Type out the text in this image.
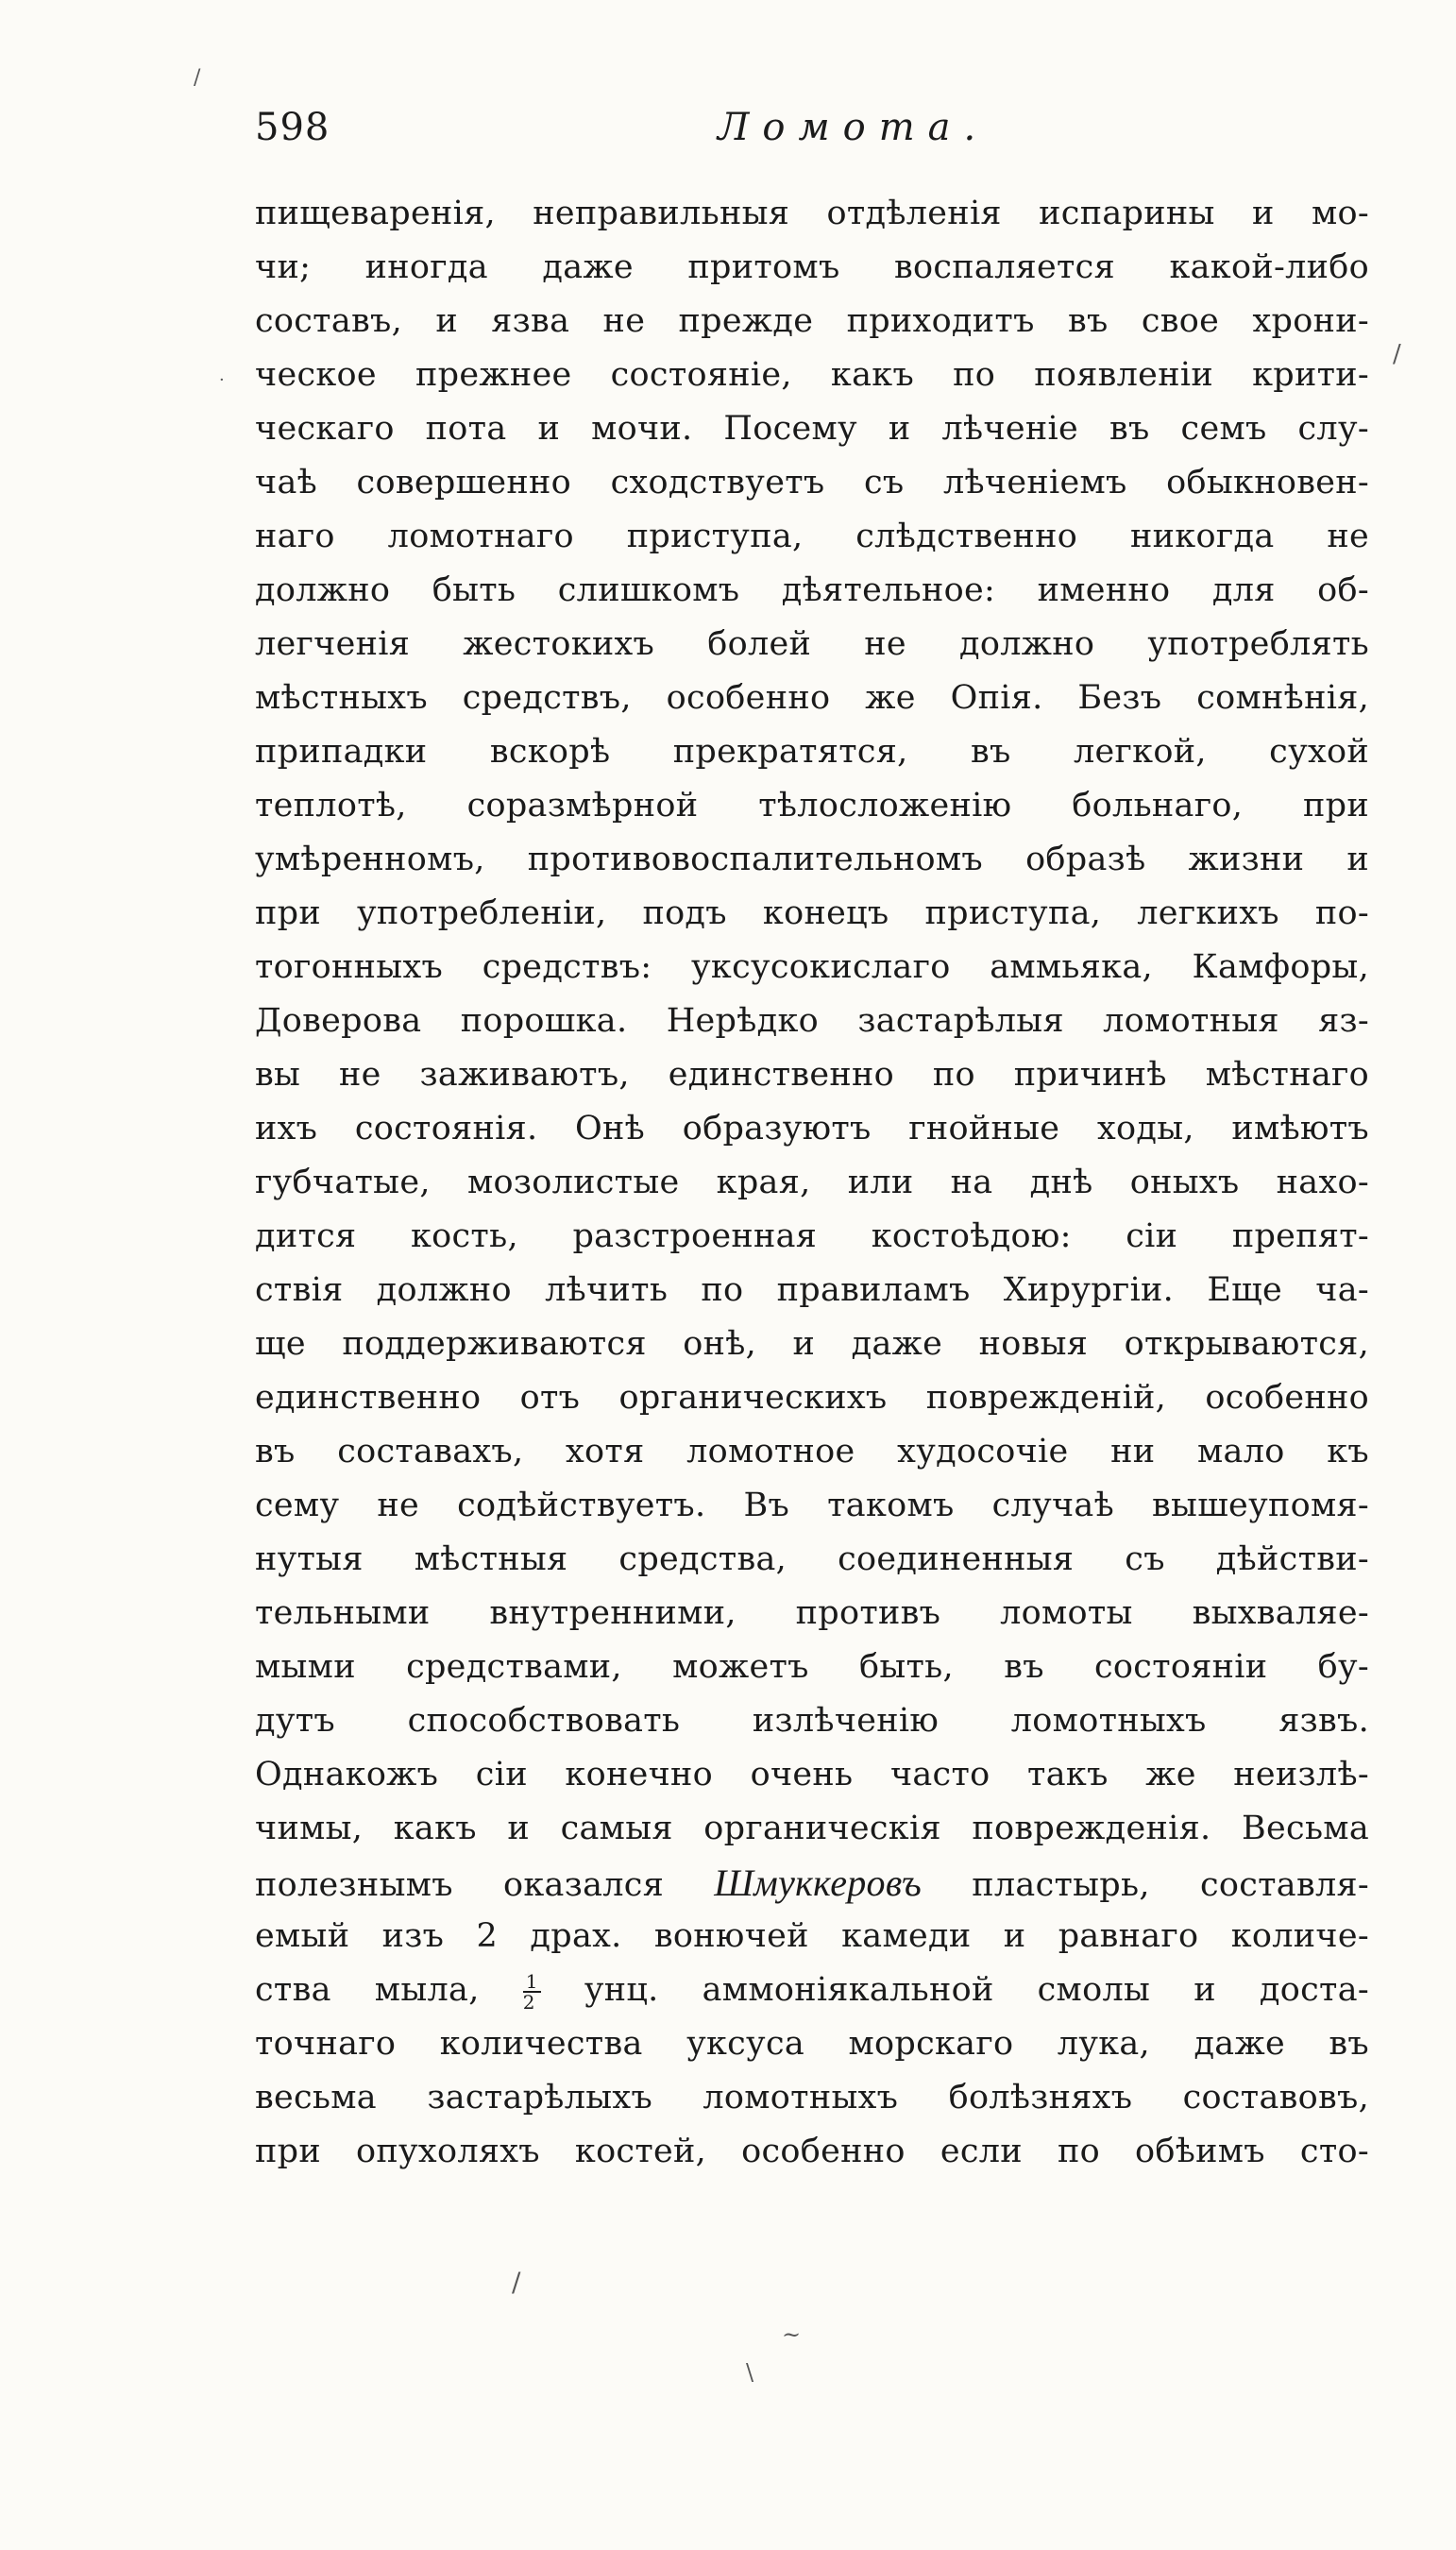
598	Ломота.
пищеваренія, неправильныя отдѣленія испарины и мо-
чи; иногда даже притомъ воспаляется какой-либо
составъ, и язва не прежде приходитъ въ свое хрони-
ческое прежнее состояніе, какъ по появленіи крити-
ческаго пота и мочи. Посему и лѣченіе въ семъ слу-
чаѣ совершенно сходствуетъ съ лѣченіемъ обыкновен-
наго ломотнаго приступа, слѣдственно никогда не
должно быть слишкомъ дѣятельное: именно для об-
легченія жестокихъ болей не должно употреблять
мѣстныхъ средствъ, особенно же Опія. Безъ сомнѣнія,
припадки вскорѣ прекратятся, въ легкой, сухой
теплотѣ, соразмѣрной тѣлосложенію больнаго, при
умѣренномъ, противовоспалительномъ образѣ жизни и
при употребленіи, подъ конецъ приступа, легкихъ по-
тогонныхъ средствъ: уксусокислаго аммьяка, Камфоры,
Доверова порошка. Нерѣдко застарѣлыя ломотныя яз-
вы не заживаютъ, единственно по причинѣ мѣстнаго
ихъ состоянія. Онѣ образуютъ гнойные ходы, имѣютъ
губчатые, мозолистые края, или на днѣ оныхъ нахо-
дится кость, разстроенная костоѣдою: сіи препят-
ствія должно лѣчить по правиламъ Хирургіи. Еще ча-
ще поддерживаются онѣ, и даже новыя открываются,
единственно отъ органическихъ поврежденій, особенно
въ составахъ, хотя ломотное худосочіе ни мало къ
сему не содѣйствуетъ. Въ такомъ случаѣ вышеупомя-
нутыя мѣстныя средства, соединенныя съ дѣйстви-
тельными внутренними, противъ ломоты выхваляе-
мыми средствами, можетъ быть, въ состояніи бу-
дутъ способствовать излѣченію ломотныхъ язвъ.
Однакожъ сіи конечно очень часто такъ же неизлѣ-
чимы, какъ и самыя органическія поврежденія. Весьма
полезнымъ оказался Шмуккеровъ пластырь, составля-
емый изъ 2 драх. вонючей камеди и равнаго количе-
ства мыла, $\frac{1}{2}$ унц. аммоніякальной смолы и доста-
точнаго количества уксуса морскаго лука, даже въ
весьма застарѣлыхъ ломотныхъ болѣзняхъ составовъ,
при опухоляхъ костей, особенно если по обѣимъ сто-
/
/
·
/
~
\
